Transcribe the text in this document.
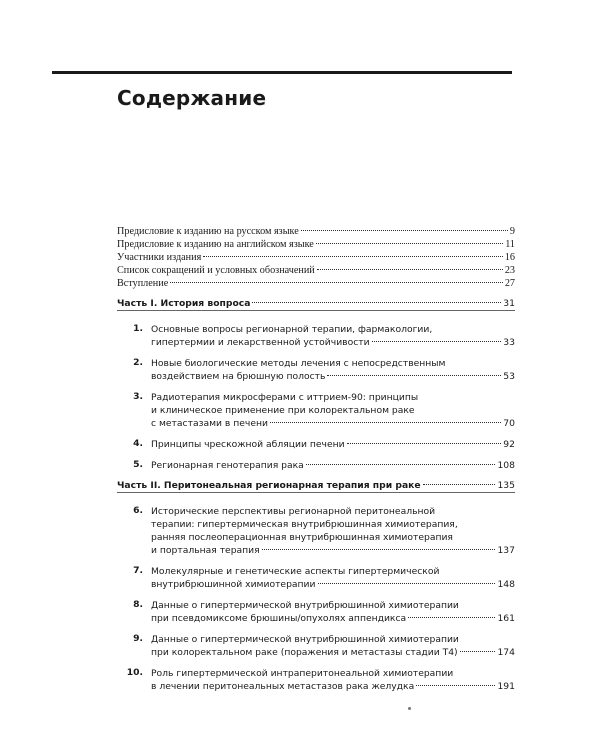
Содержание
Предисловие к изданию на русском языке	9
Предисловие к изданию на английском языке	11
Участники издания	16
Список сокращений и условных обозначений	23
Вступление	27
Часть I. История вопроса	31
1. Основные вопросы регионарной терапии, фармакологии,
гипертермии и лекарственной устойчивости	33
2. Новые биологические методы лечения с непосредственным
воздействием на брюшную полость	53
3. Радиотерапия микросферами с иттрием-90: принципы
и клиническое применение при колоректальном раке
с метастазами в печени	70
4. Принципы чрескожной абляции печени	92
5. Регионарная генотерапия рака	108
Часть II. Перитонеальная регионарная терапия при раке	135
6. Исторические перспективы регионарной перитонеальной
терапии: гипертермическая внутрибрюшинная химиотерапия,
ранняя послеоперационная внутрибрюшинная химиотерапия
и портальная терапия	137
7. Молекулярные и генетические аспекты гипертермической
внутрибрюшинной химиотерапии	148
8. Данные о гипертермической внутрибрюшинной химиотерапии
при псевдомиксоме брюшины/опухолях аппендикса	161
9. Данные о гипертермической внутрибрюшинной химиотерапии
при колоректальном раке (поражения и метастазы стадии Т4)	174
10. Роль гипертермической интраперитонеальной химиотерапии
в лечении перитонеальных метастазов рака желудка	191
